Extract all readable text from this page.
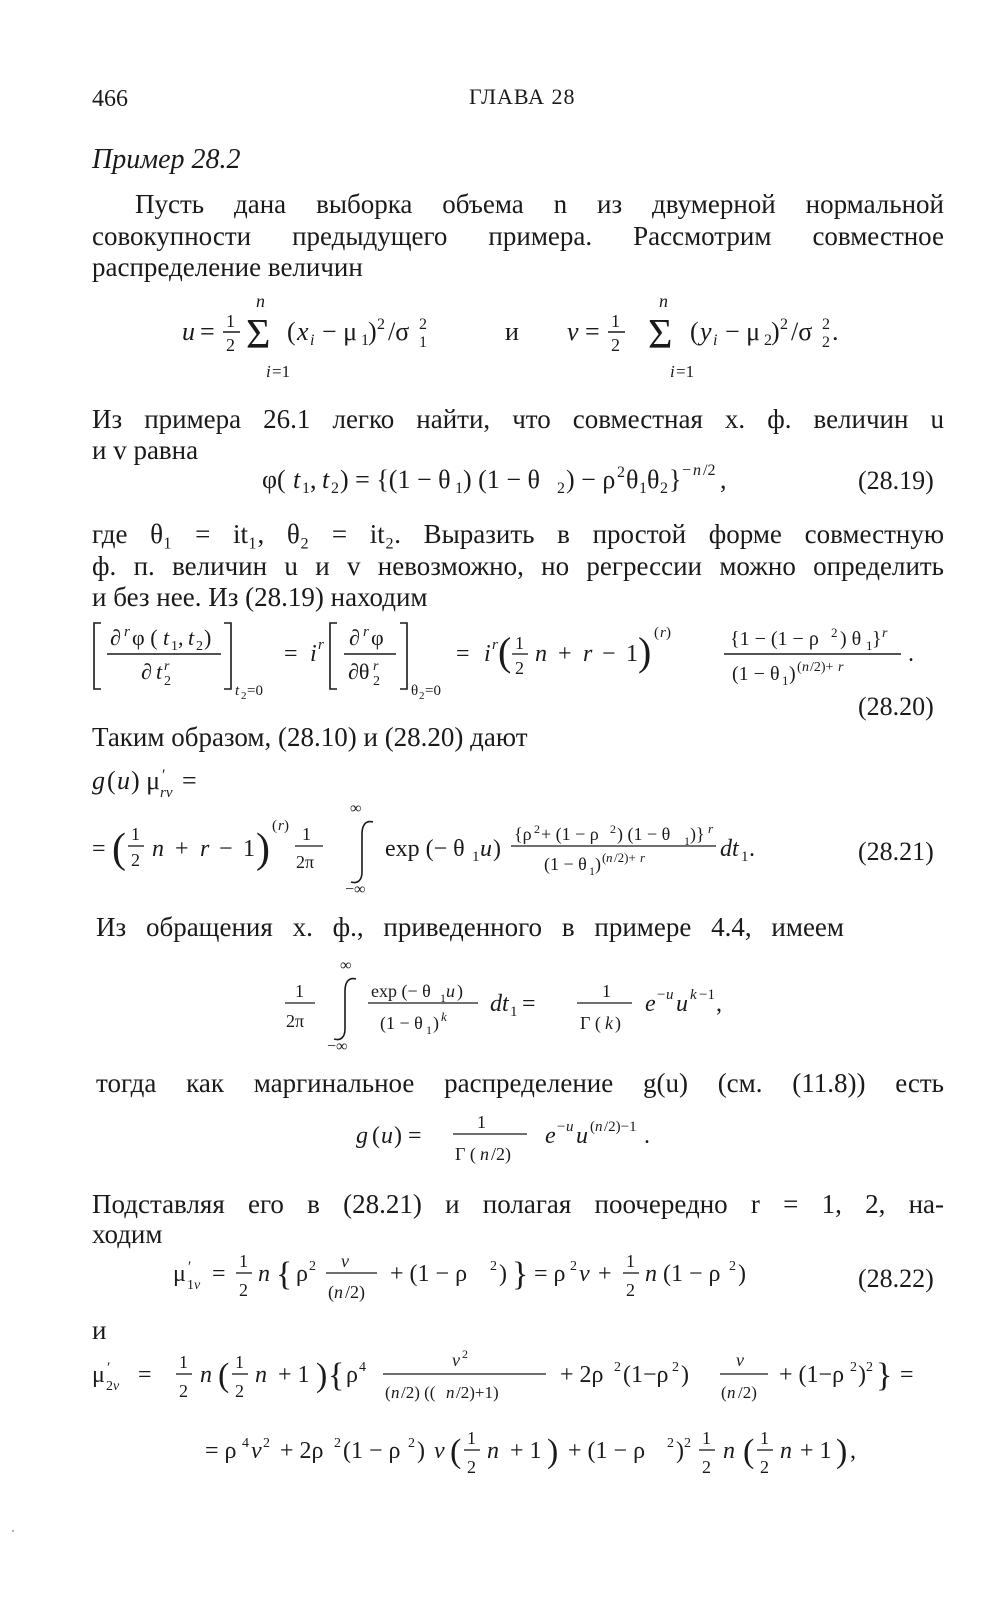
466	ГЛАВА 28
Пример 28.2
Пусть дана выборка объема n из двумерной нормальной
совокупности предыдущего примера. Рассмотрим совместное
распределение величин
u = 1
2
n
Σ
i =1
( x i − μ 1 ) 2 /σ 2
1	и v = 1
2
n
Σ
i =1
( y i − μ 2 ) 2 /σ 2
2 .
Из примера 26.1 легко найти, что совместная х. ф. величин u
и v равна
φ( t 1 , t 2 ) = {(1 − θ 1 ) (1 − θ 2 ) − ρ 2 θ 1 θ 2 } − n /2 ,	(28.19)
где θ₁ = it₁, θ₂ = it₂. Выразить в простой форме совместную
ф. п. величин u и v невозможно, но регрессии можно определить
и без нее. Из (28.19) находим
∂ r φ ( t 1 , t 2 )
∂ t r
2
t 2 =0
= i r ∂ r φ
∂θ r
2
θ 2 =0
= i r ( 1
2
n + r − 1 ) ( r )	{1 − (1 − ρ 2 ) θ 1 } r
(1 − θ 1 ) ( n /2)+ r
.
(28.20)
Таким образом, (28.10) и (28.20) дают
g ( u ) μ ′
rv =
= ( 1
2 n + r − 1 ) ( r ) 1
2π
∞
−∞
exp (− θ 1 u )
{ρ 2 + (1 − ρ 2 ) (1 − θ 1 )} r
(1 − θ 1 ) ( n /2)+ r	dt 1 .	(28.21)
Из обращения х. ф., приведенного в примере 4.4, имеем
1
2π
∞
−∞
exp (− θ 1 u )
(1 − θ 1 ) k dt 1 =	1
Γ ( k )
e − u u k −1 ,
тогда как маргинальное распределение g(u) (см. (11.8)) есть
g ( u ) =
1
Γ ( n /2)
e − u u ( n /2)−1 .
Подставляя его в (28.21) и полагая поочередно r = 1, 2, на-
ходим
μ ′
1 v = 1
2
n { ρ 2 v
( n /2)
+ (1 − ρ 2 ) } = ρ 2 v + 1
2
n (1 − ρ 2 )	(28.22)
и
μ ′
2 v = 1
2
n ( 1
2
n + 1 ) { ρ 4	v 2
( n /2) (( n /2)+1)
+ 2ρ 2 (1−ρ 2 )
v
( n /2)
+ (1−ρ 2 ) 2 } =
= ρ 4 v 2 + 2ρ 2 (1 − ρ 2 ) v ( 1
2
n + 1 ) + (1 − ρ 2 ) 2 1
2
n ( 1
2
n + 1 ) ,
